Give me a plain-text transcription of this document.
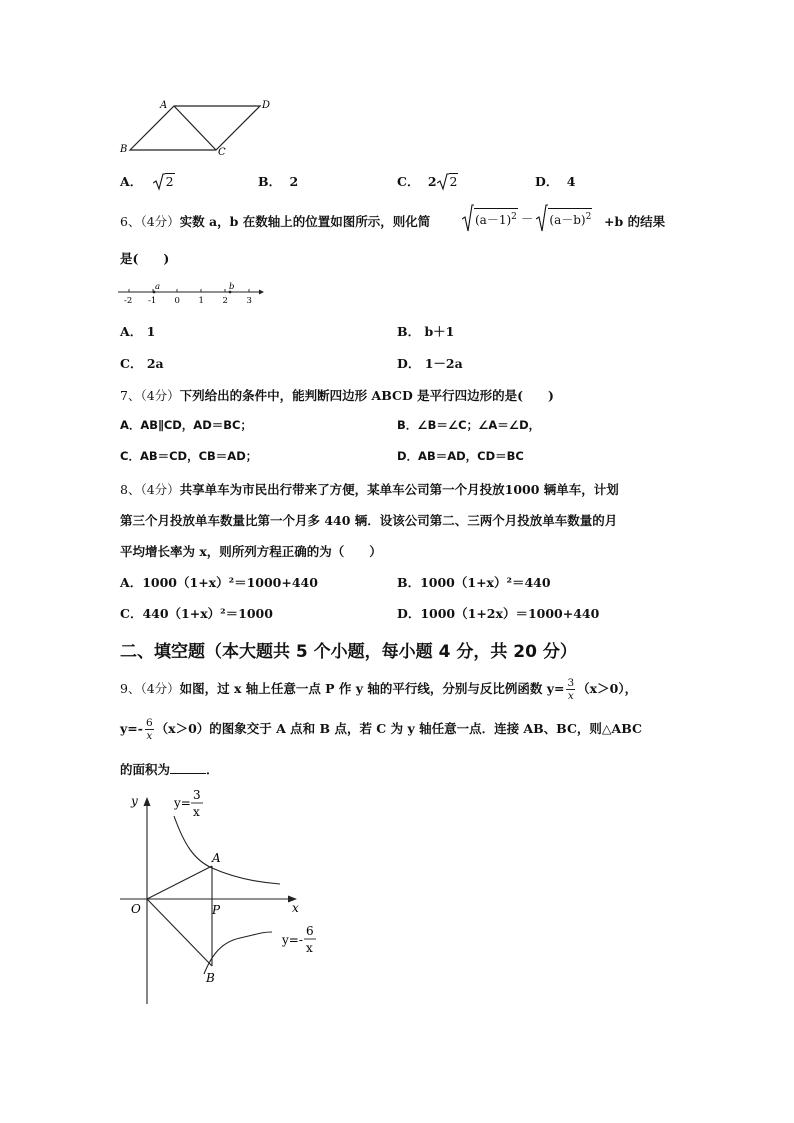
A	D
B	C
A． 2	B． 2	C． 2 2	D． 4
6、（4分）实数 a，b 在数轴上的位置如图所示，则化简	$(a-1)^2 - (a-b)^2 +b$ 的结果
是(　　)
-2 -1 0 1 2 3
a	b
A． 1	B． b＋1
C． 2a	D． 1－2a
7、（4分）下列给出的条件中，能判断四边形 ABCD 是平行四边形的是(　　)
A．AB∥CD，AD＝BC；	B．∠B＝∠C；∠A＝∠D，
C．AB＝CD，CB＝AD；	D．AB＝AD，CD＝BC
8、（4分）共享单车为市民出行带来了方便，某单车公司第一个月投放1000 辆单车，计划
第三个月投放单车数量比第一个月多 440 辆．设该公司第二、三两个月投放单车数量的月
平均增长率为 x，则所列方程正确的为（　　）
A．1000（1+x）²＝1000+440	B．1000（1+x）²＝440
C．440（1+x）²＝1000	D．1000（1+2x）＝1000+440
二、填空题（本大题共 5 个小题，每小题 4 分，共 20 分）
9、（4分）如图，过 x 轴上任意一点 P 作 y 轴的平行线，分别与反比例函数 $y= \frac{3}{x} (x>0)$，
$y=- \frac{6}{x} (x>0)$的图象交于 A 点和 B 点，若 C 为 y 轴任意一点．连接 AB、BC，则△ABC
的面积为	．
y
x
O
A
P
B
y=
3
x
y=-
6
x
